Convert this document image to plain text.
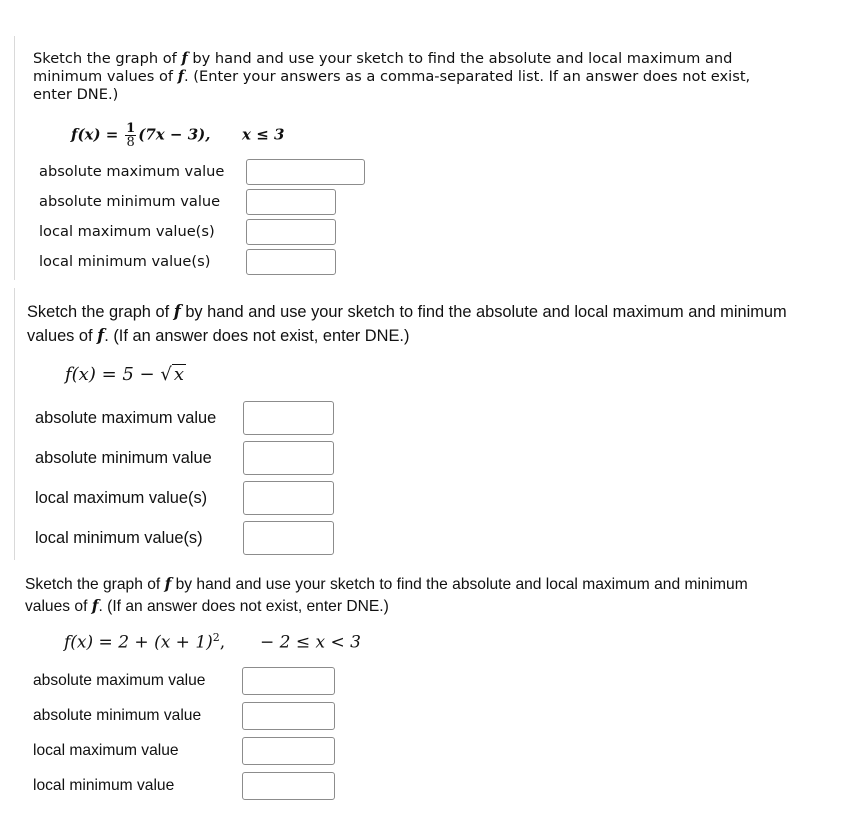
Sketch the graph of f by hand and use your sketch to find the absolute and local maximum and minimum values of f. (Enter your answers as a comma-separated list. If an answer does not exist, enter DNE.)

$f(x) = \frac{1}{8} (7x - 3)$, x ≤ 3
absolute maximum value
absolute minimum value
local maximum value(s)
local minimum value(s)

Sketch the graph of f by hand and use your sketch to find the absolute and local maximum and minimum values of f. (If an answer does not exist, enter DNE.)

f(x) = 5 − √ x
absolute maximum value
absolute minimum value
local maximum value(s)
local minimum value(s)

Sketch the graph of f by hand and use your sketch to find the absolute and local maximum and minimum values of f. (If an answer does not exist, enter DNE.)

$f(x) = 2 + (x + 1)^2$, − 2 ≤ x < 3
absolute maximum value
absolute minimum value
local maximum value
local minimum value
